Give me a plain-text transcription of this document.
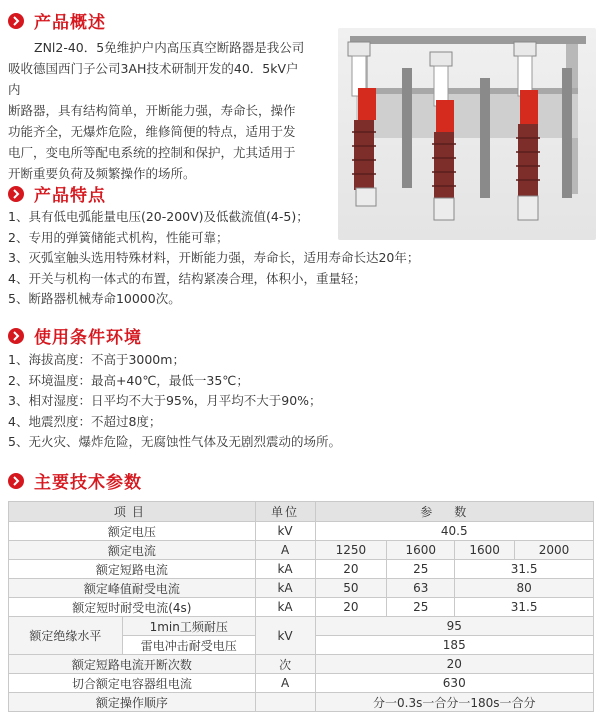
产品概述
ZNl2-40．5免维护户内高压真空断路器是我公司
吸收德国西门子公司3AH技术研制开发的40．5kV户内
断路器，具有结构简单，开断能力强，寿命长，操作
功能齐全，无爆炸危险，维修简便的特点，适用于发
电厂，变电所等配电系统的控制和保护，尤其适用于
开断重要负荷及频繁操作的场所。
产品特点
1、具有低电弧能量电压(20-200V)及低截流值(4-5)；
2、专用的弹簧储能式机构，性能可靠；
3、灭弧室触头选用特殊材料，开断能力强，寿命长，适用寿命长达20年；
4、开关与机构一体式的布置，结构紧凑合理，体积小，重量轻；
5、断路器机械寿命10000次。
使用条件环境
1、海拔高度：不高于3000m；
2、环境温度：最高+40℃，最低一35℃；
3、相对湿度：日平均不大于95%，月平均不大于90%；
4、地震烈度：不超过8度；
5、无火灾、爆炸危险，无腐蚀性气体及无剧烈震动的场所。
主要技术参数
项目		单位	参数			
额定电压		kV	40.5			
额定电流		A	1250	1600	1600	2000
额定短路电流		kA	20	25	31.5	
额定峰值耐受电流		kA	50	63	80	
额定短时耐受电流(4s)		kA	20	25	31.5	
额定绝缘水平	1min工频耐压	kV	95			
	雷电冲击耐受电压		185			
额定短路电流开断次数		次	20			
切合额定电容器组电流		A	630			
额定操作顺序			分一0.3s一合分一180s一合分			
